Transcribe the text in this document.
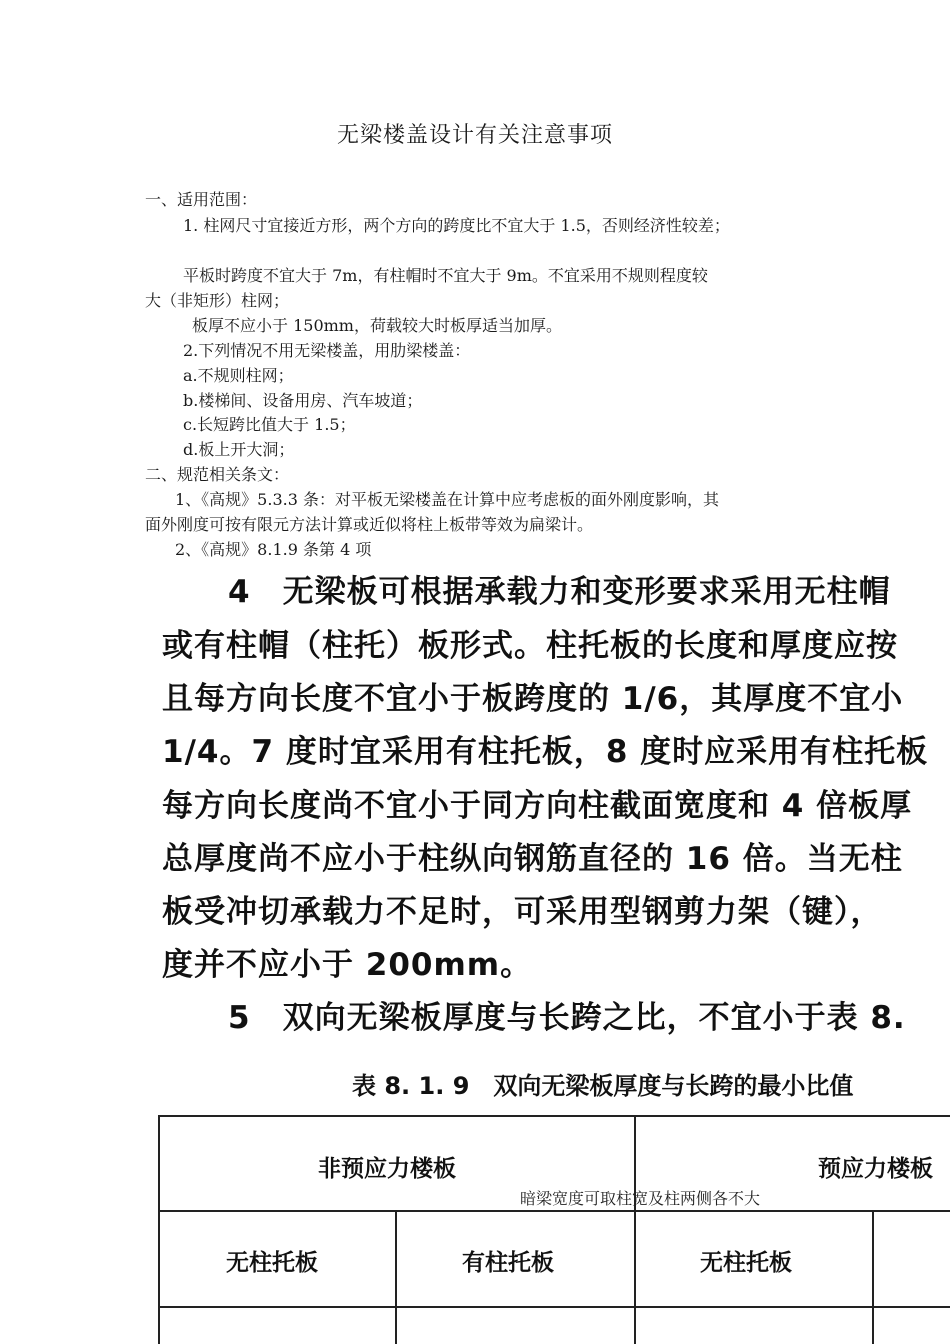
无梁楼盖设计有关注意事项
一、适用范围：
1. 柱网尺寸宜接近方形，两个方向的跨度比不宜大于 1.5，否则经济性较差；
平板时跨度不宜大于 7m，有柱帽时不宜大于 9m。不宜采用不规则程度较
大（非矩形）柱网；
板厚不应小于 150mm，荷载较大时板厚适当加厚。
2.下列情况不用无梁楼盖，用肋梁楼盖：
a.不规则柱网；
b.楼梯间、设备用房、汽车坡道；
c.长短跨比值大于 1.5；
d.板上开大洞；
二、规范相关条文：
1、《高规》5.3.3 条：对平板无梁楼盖在计算中应考虑板的面外刚度影响，其
面外刚度可按有限元方法计算或近似将柱上板带等效为扁梁计。
2、《高规》8.1.9 条第 4 项
4　无梁板可根据承载力和变形要求采用无柱帽
或有柱帽（柱托）板形式。柱托板的长度和厚度应按
且每方向长度不宜小于板跨度的 1/6，其厚度不宜小
1/4。7 度时宜采用有柱托板，8 度时应采用有柱托板
每方向长度尚不宜小于同方向柱截面宽度和 4 倍板厚
总厚度尚不应小于柱纵向钢筋直径的 16 倍。当无柱
板受冲切承载力不足时，可采用型钢剪力架（键），
度并不应小于 200mm。
5　双向无梁板厚度与长跨之比，不宜小于表 8.
表 8. 1. 9　双向无梁板厚度与长跨的最小比值
非预应力楼板	预应力楼板
无柱托板	有柱托板	无柱托板
暗梁宽度可取柱宽及柱两侧各不大
